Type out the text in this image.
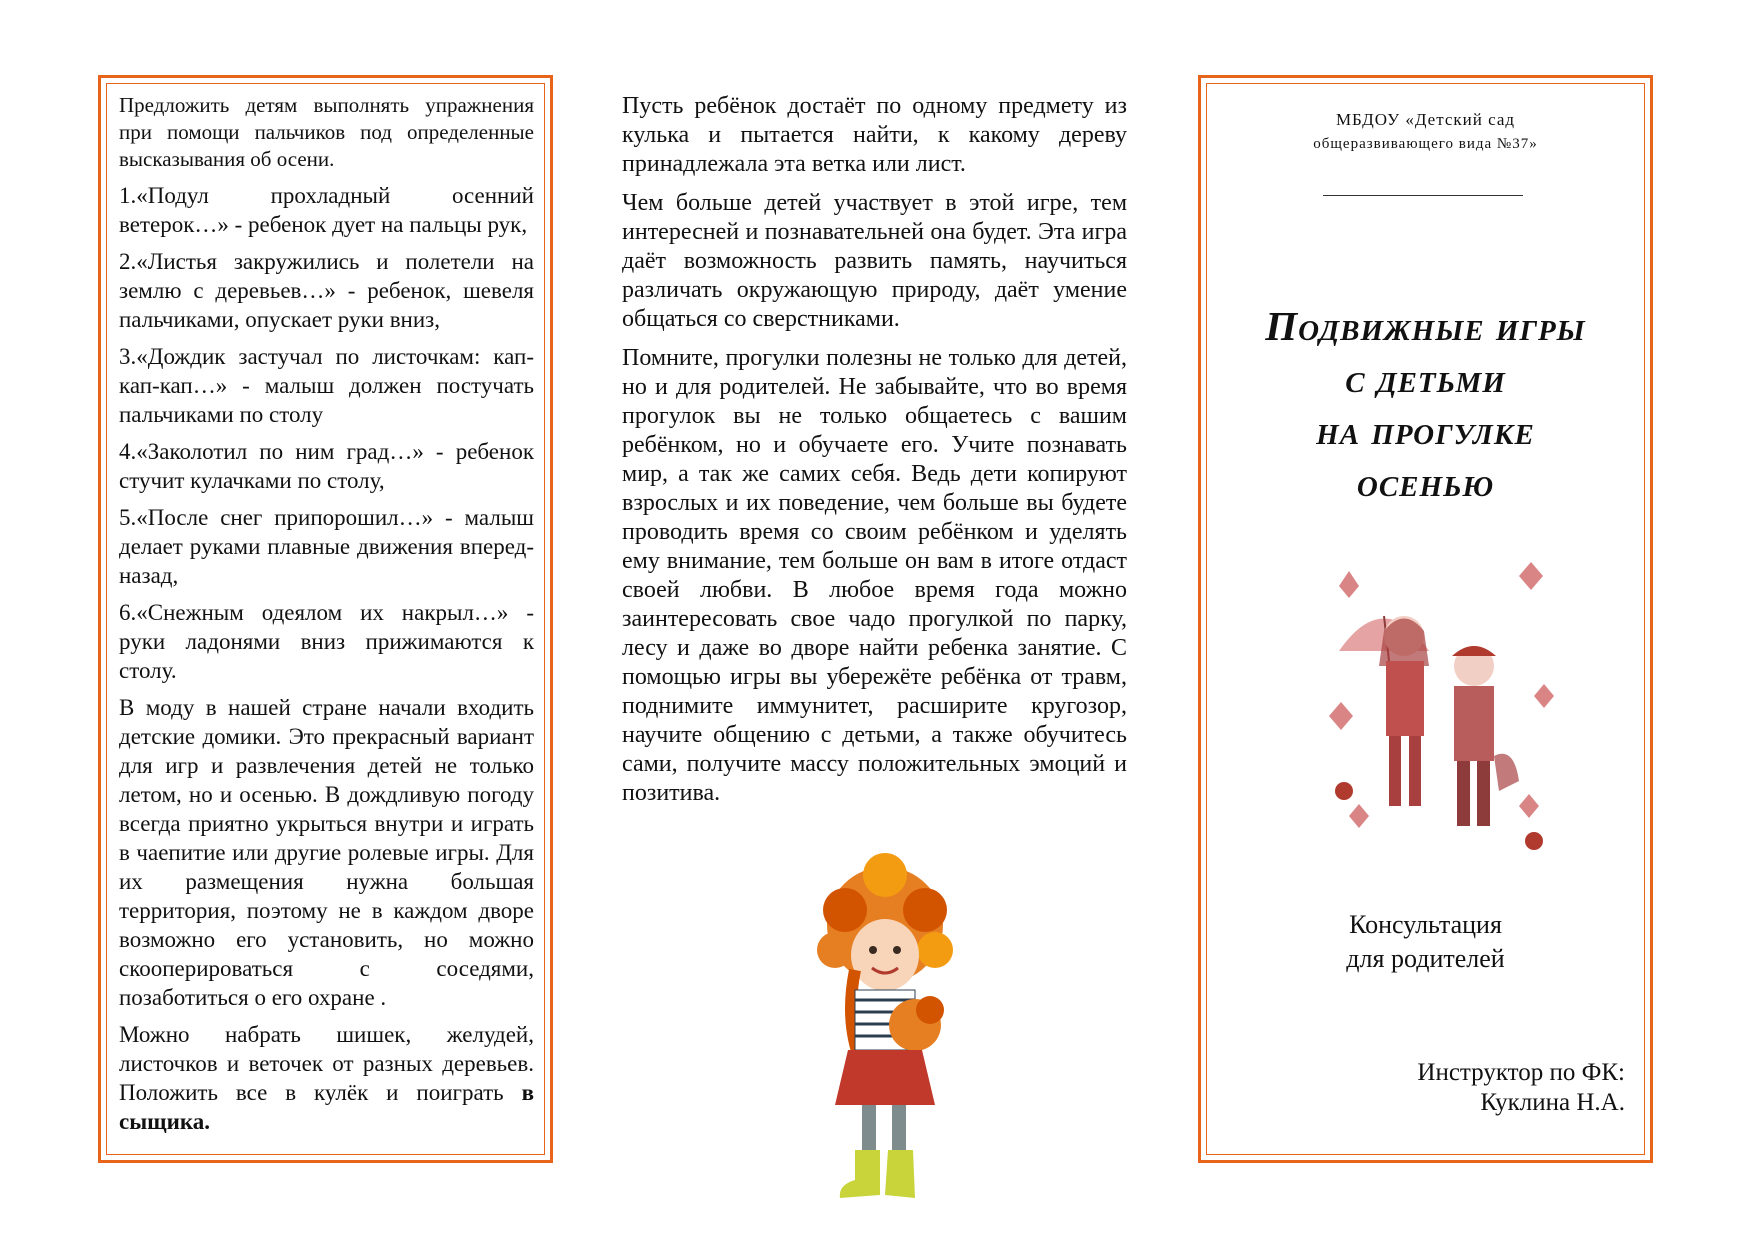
Предложить детям выполнять упражнения при помощи пальчиков под определенные высказывания об осени.

1.«Подул прохладный осенний ветерок…» - ребенок дует на пальцы рук,

2.«Листья закружились и полетели на землю с деревьев…» - ребенок, шевеля пальчиками, опускает руки вниз,

3.«Дождик застучал по листочкам: кап-кап-кап…» - малыш должен постучать пальчиками по столу

4.«Заколотил по ним град…» - ребенок стучит кулачками по столу,

5.«После снег припорошил…» - малыш делает руками плавные движения вперед-назад,

6.«Снежным одеялом их накрыл…» - руки ладонями вниз прижимаются к столу.

В моду в нашей стране начали входить детские домики. Это прекрасный вариант для игр и развлечения детей не только летом, но и осенью. В дождливую погоду всегда приятно укрыться внутри и играть в чаепитие или другие ролевые игры. Для их размещения нужна большая территория, поэтому не в каждом дворе возможно его установить, но можно скооперироваться с соседями, позаботиться о его охране .

Можно набрать шишек, желудей, листочков и веточек от разных деревьев. Положить все в кулёк и поиграть в сыщика.

Пусть ребёнок достаёт по одному предмету из кулька и пытается найти, к какому дереву принадлежала эта ветка или лист.

Чем больше детей участвует в этой игре, тем интересней и познавательней она будет. Эта игра даёт возможность развить память, научиться различать окружающую природу, даёт умение общаться со сверстниками.

Помните, прогулки полезны не только для детей, но и для родителей. Не забывайте, что во время прогулок вы не только общаетесь с вашим ребёнком, но и обучаете его. Учите познавать мир, а так же самих себя. Ведь дети копируют взрослых и их поведение, чем больше вы будете проводить время со своим ребёнком и уделять ему внимание, тем больше он вам в итоге отдаст своей любви. В любое время года можно заинтересовать свое чадо прогулкой по парку, лесу и даже во дворе найти ребенка занятие. С помощью игры вы убережёте ребёнка от травм, поднимите иммунитет, расширите кругозор, научите общению с детьми, а также обучитесь сами, получите массу положительных эмоций и позитива.

МБДОУ «Детский сад
общеразвивающего вида №37»
Подвижные игры
с детьми
на прогулке
осенью
Консультация
для родителей
Инструктор по ФК:
Куклина Н.А.
